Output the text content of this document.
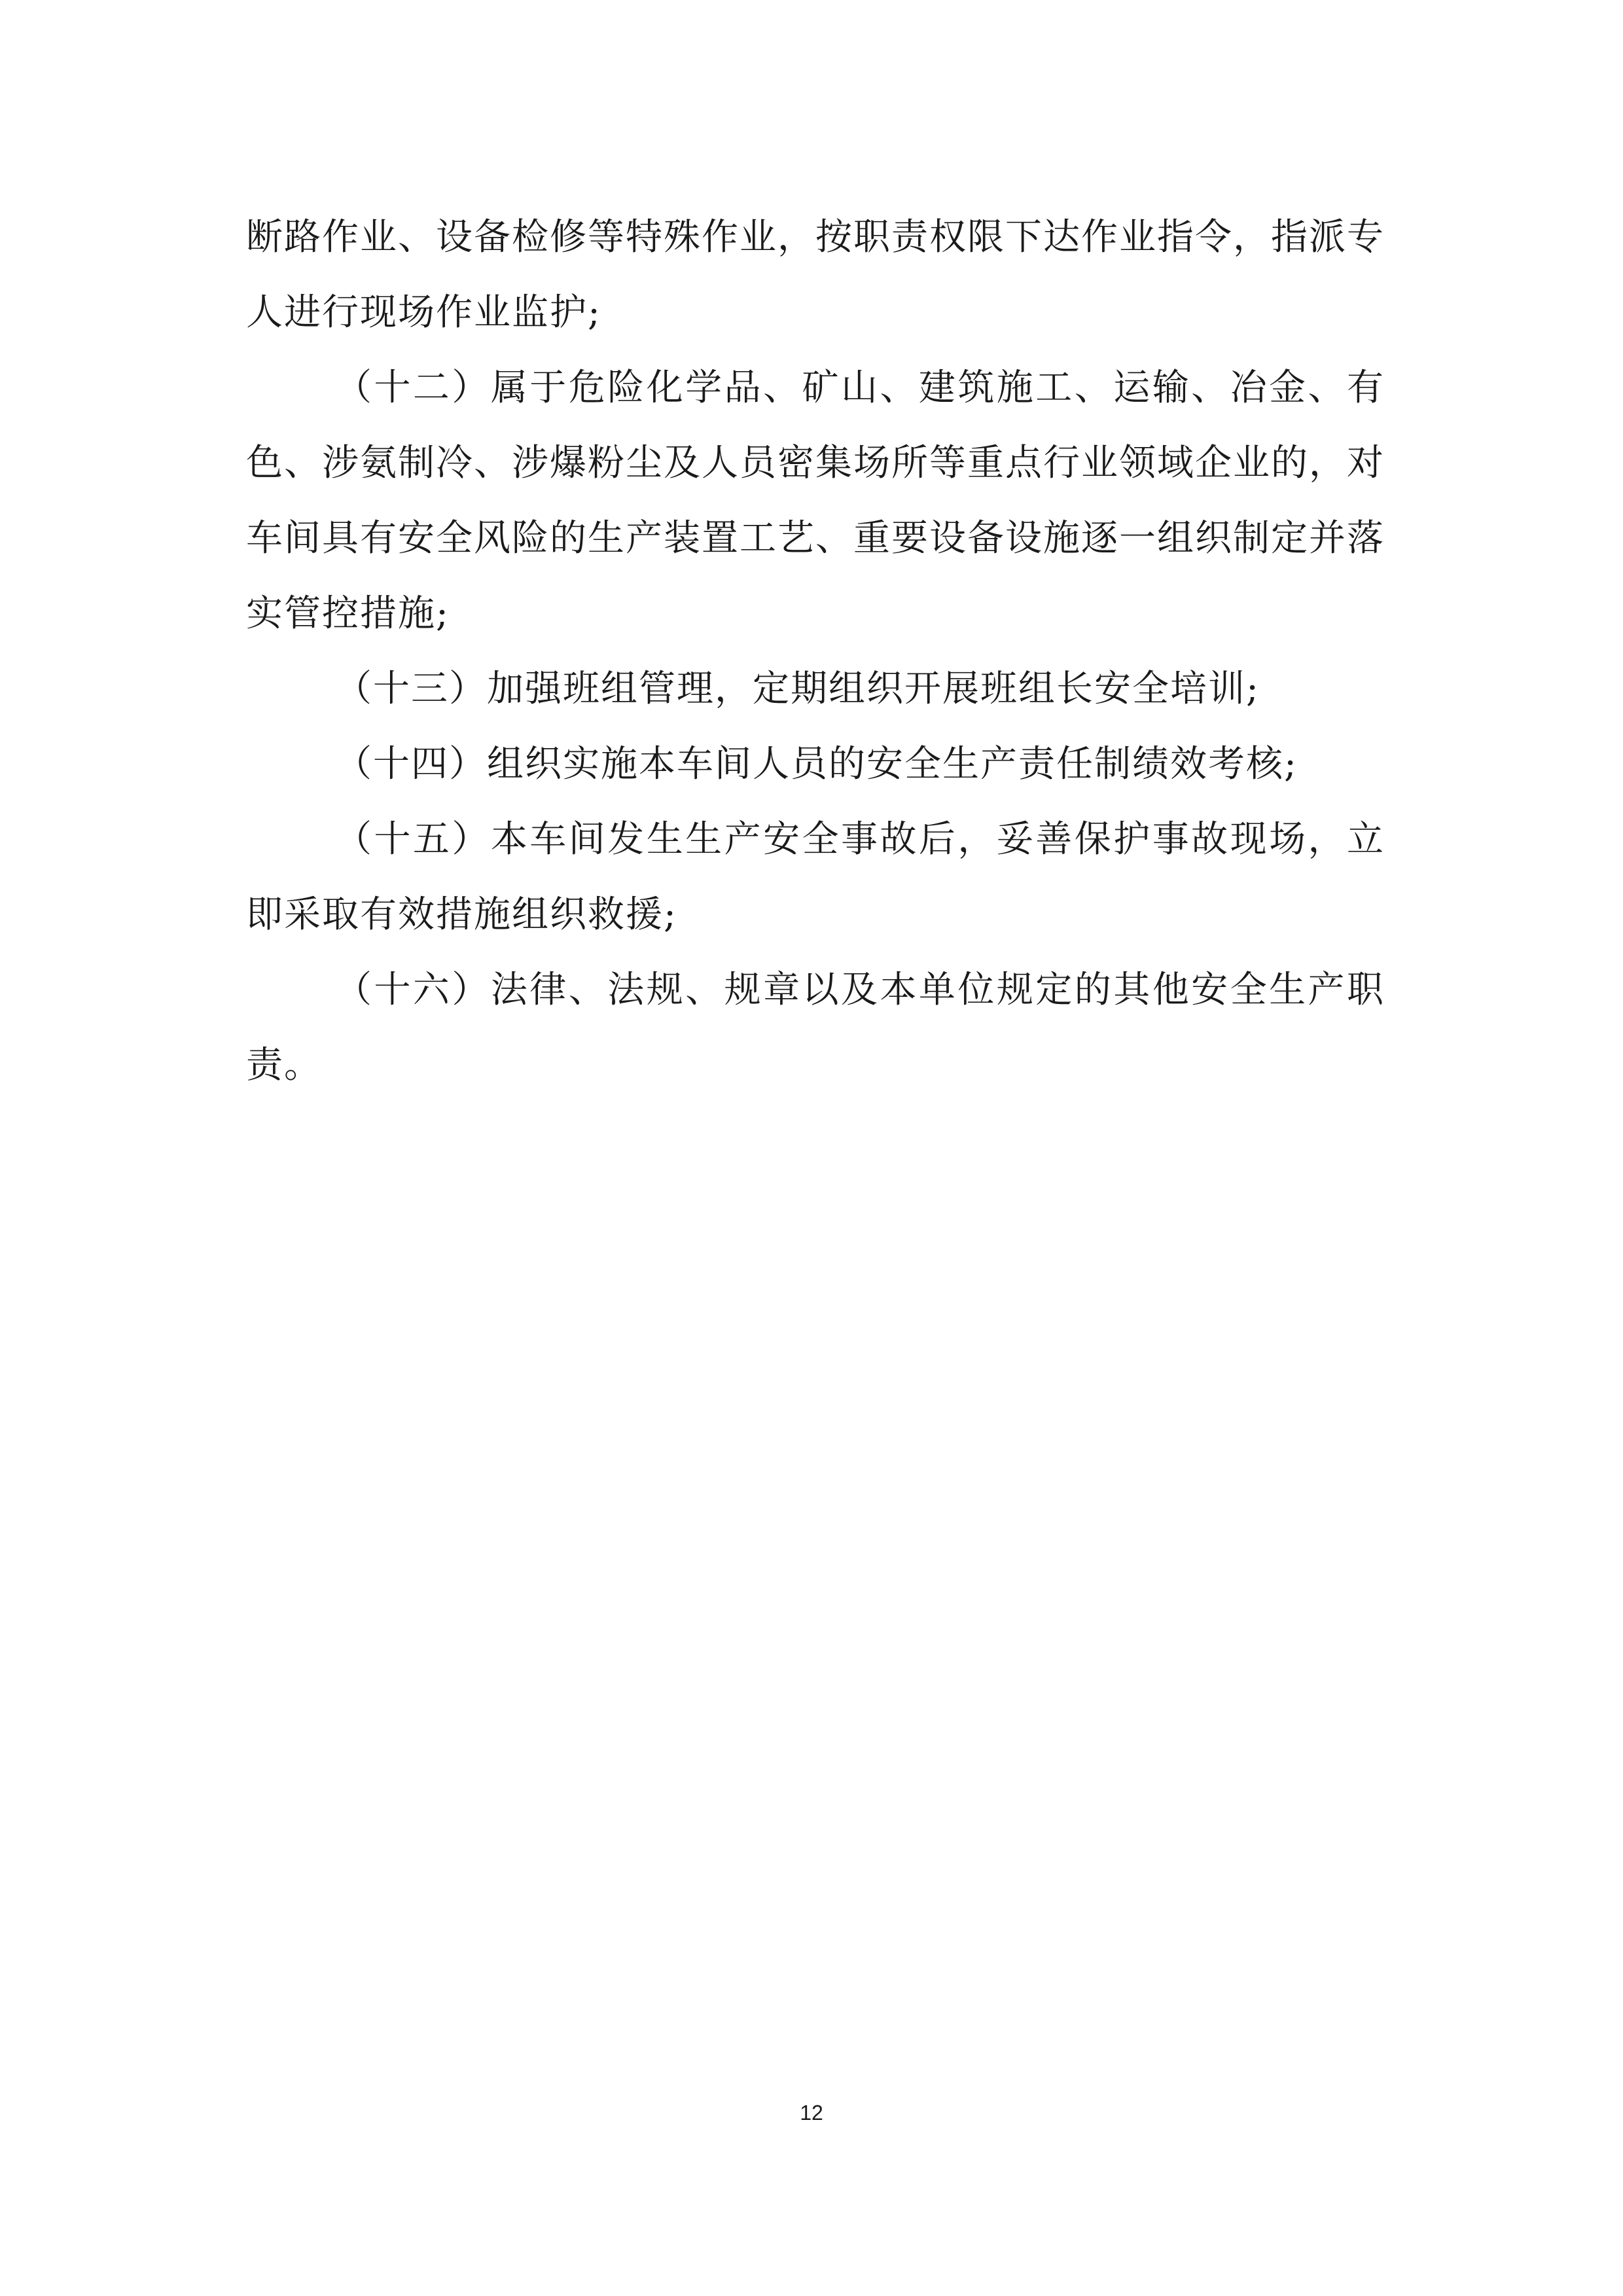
断路作业、设备检修等特殊作业，按职责权限下达作业指令，指派专人进行现场作业监护;

（十二）属于危险化学品、矿山、建筑施工、运输、冶金、有色、涉氨制冷、涉爆粉尘及人员密集场所等重点行业领域企业的，对车间具有安全风险的生产装置工艺、重要设备设施逐一组织制定并落实管控措施;

（十三）加强班组管理，定期组织开展班组长安全培训;

（十四）组织实施本车间人员的安全生产责任制绩效考核;

（十五）本车间发生生产安全事故后，妥善保护事故现场，立即采取有效措施组织救援;

（十六）法律、法规、规章以及本单位规定的其他安全生产职责。

12
